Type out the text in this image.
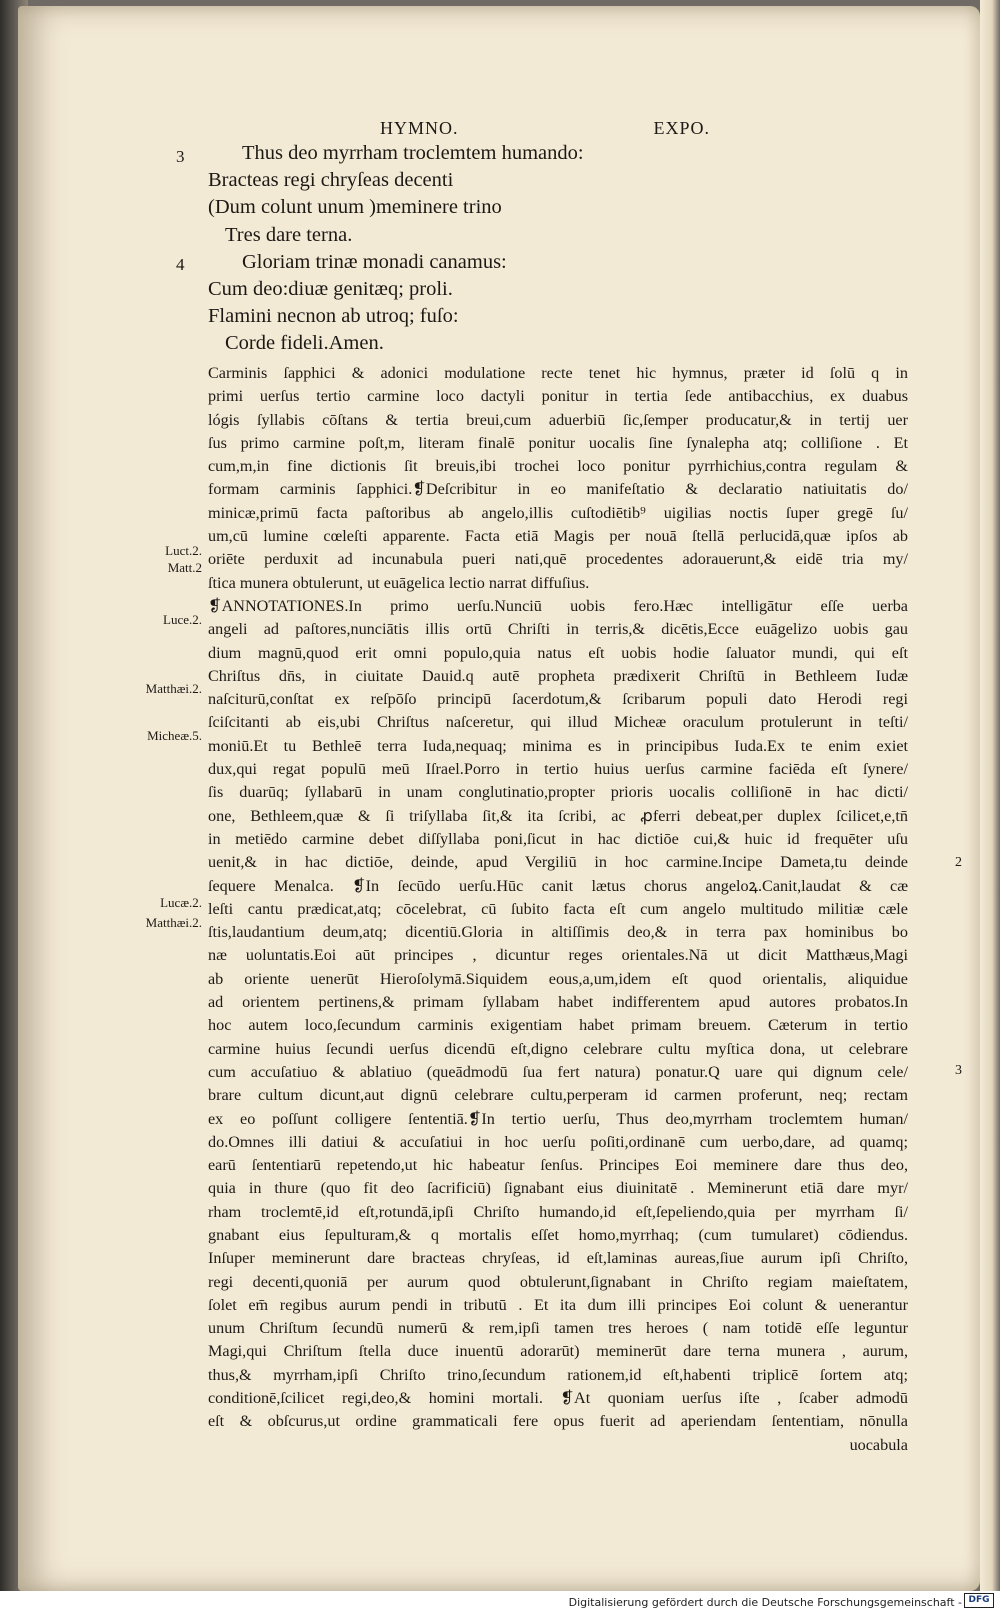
HYMNO.	EXPO.
3
4
Thus deo myrrham troclemtem humando:
Bracteas regi chryſeas decenti
(Dum colunt unum )meminere trino
Tres dare terna.
Gloriam trinæ monadi canamus:
Cum deo:diuæ genitæq; proli.
Flamini necnon ab utroq; fuſo:
Corde fideli.Amen.
Carminis ſapphici & adonici modulatione recte tenet hic hymnus, præter id ſolū q in
primi uerſus tertio carmine loco dactyli ponitur in tertia ſede antibacchius, ex duabus
lógis ſyllabis cōſtans & tertia breui,cum aduerbiū ſic,ſemper producatur,& in tertij uer
ſus primo carmine poſt,m, literam finalē ponitur uocalis ſine ſynalepha atq; colliſione . Et
cum,m,in fine dictionis ſit breuis,ibi trochei loco ponitur pyrrhichius,contra regulam &
formam carminis ſapphici.❡Deſcribitur in eo manifeſtatio & declaratio natiuitatis do/
minicæ,primū facta paſtoribus ab angelo,illis cuſtodiētib⁹ uigilias noctis ſuper gregē ſu/
um,cū lumine cœleſti apparente. Facta etiā Magis per nouā ſtellā perlucidā,quæ ipſos ab
oriēte perduxit ad incunabula pueri nati,quē procedentes adorauerunt,& eidē tria my/
ſtica munera obtulerunt, ut euāgelica lectio narrat diffuſius.
❡ANNOTATIONES.In primo uerſu.Nunciū uobis fero.Hæc intelligātur eſſe uerba
angeli ad paſtores,nunciātis illis ortū Chriſti in terris,& dicētis,Ecce euāgelizo uobis gau
dium magnū,quod erit omni populo,quia natus eſt uobis hodie ſaluator mundi, qui eſt
Chriſtus dn̄s, in ciuitate Dauid.q autē propheta prædixerit Chriſtū in Bethleem Iudæ
naſciturū,conſtat ex reſpōſo principū ſacerdotum,& ſcribarum populi dato Herodi regi
ſciſcitanti ab eis,ubi Chriſtus naſceretur, qui illud Micheæ oraculum protulerunt in teſti/
moniū.Et tu Bethleē terra Iuda,nequaq; minima es in principibus Iuda.Ex te enim exiet
dux,qui regat populū meū Iſrael.Porro in tertio huius uerſus carmine faciēda eſt ſynere/
ſis duarūq; ſyllabarū in unam conglutinatio,propter prioris uocalis colliſionē in hac dicti/
one, Bethleem,quæ & ſi triſyllaba ſit,& ita ſcribi, ac ꝓferri debeat,per duplex ſcilicet,e,tn̄
in metiēdo carmine debet diſſyllaba poni,ſicut in hac dictiōe cui,& huic id frequēter uſu
uenit,& in hac dictiōe, deinde, apud Vergiliū in hoc carmine.Incipe Dameta,tu deinde
ſequere Menalca. ❡In ſecūdo uerſu.Hūc canit lætus chorus angeloꝝ.Canit,laudat & cæ
leſti cantu prædicat,atq; cōcelebrat, cū ſubito facta eſt cum angelo multitudo militiæ cæle
ſtis,laudantium deum,atq; dicentiū.Gloria in altiſſimis deo,& in terra pax hominibus bo
næ uoluntatis.Eoi aūt principes , dicuntur reges orientales.Nā ut dicit Matthæus,Magi
ab oriente uenerūt Hieroſolymā.Siquidem eous,a,um,idem eſt quod orientalis, aliquidue
ad orientem pertinens,& primam ſyllabam habet indifferentem apud autores probatos.In
hoc autem loco,ſecundum carminis exigentiam habet primam breuem. Cæterum in tertio
carmine huius ſecundi uerſus dicendū eſt,digno celebrare cultu myſtica dona, ut celebrare
cum accuſatiuo & ablatiuo (queādmodū ſua fert natura) ponatur.Q uare qui dignum cele/
brare cultum dicunt,aut dignū celebrare cultu,perperam id carmen proferunt, neq; rectam
ex eo poſſunt colligere ſententiā.❡In tertio uerſu, Thus deo,myrrham troclemtem human/
do.Omnes illi datiui & accuſatiui in hoc uerſu poſiti,ordinanē cum uerbo,dare, ad quamq;
earū ſententiarū repetendo,ut hic habeatur ſenſus. Principes Eoi meminere dare thus deo,
quia in thure (quo fit deo ſacrificiū) ſignabant eius diuinitatē . Meminerunt etiā dare myr/
rham troclemtē,id eſt,rotundā,ipſi Chriſto humando,id eſt,ſepeliendo,quia per myrrham ſi/
gnabant eius ſepulturam,& q mortalis eſſet homo,myrrhaq; (cum tumularet) cōdiendus.
Inſuper meminerunt dare bracteas chryſeas, id eſt,laminas aureas,ſiue aurum ipſi Chriſto,
regi decenti,quoniā per aurum quod obtulerunt,ſignabant in Chriſto regiam maieſtatem,
ſolet em̄ regibus aurum pendi in tributū . Et ita dum illi principes Eoi colunt & uenerantur
unum Chriſtum ſecundū numerū & rem,ipſi tamen tres heroes ( nam totidē eſſe leguntur
Magi,qui Chriſtum ſtella duce inuentū adorarūt) meminerūt dare terna munera , aurum,
thus,& myrrham,ipſi Chriſto trino,ſecundum rationem,id eſt,habenti triplicē ſortem atq;
conditionē,ſcilicet regi,deo,& homini mortali. ❡At quoniam uerſus iſte , ſcaber admodū
eſt & obſcurus,ut ordine grammaticali fere opus fuerit ad aperiendam ſententiam, nōnulla
uocabula
Luct.2.
Matt.2
Luce.2.
Matthæi.2.
Micheæ.5.
Lucæ.2.
Matthæi.2.
2
3
Digitalisierung gefördert durch die Deutsche Forschungsgemeinschaft - DFG
